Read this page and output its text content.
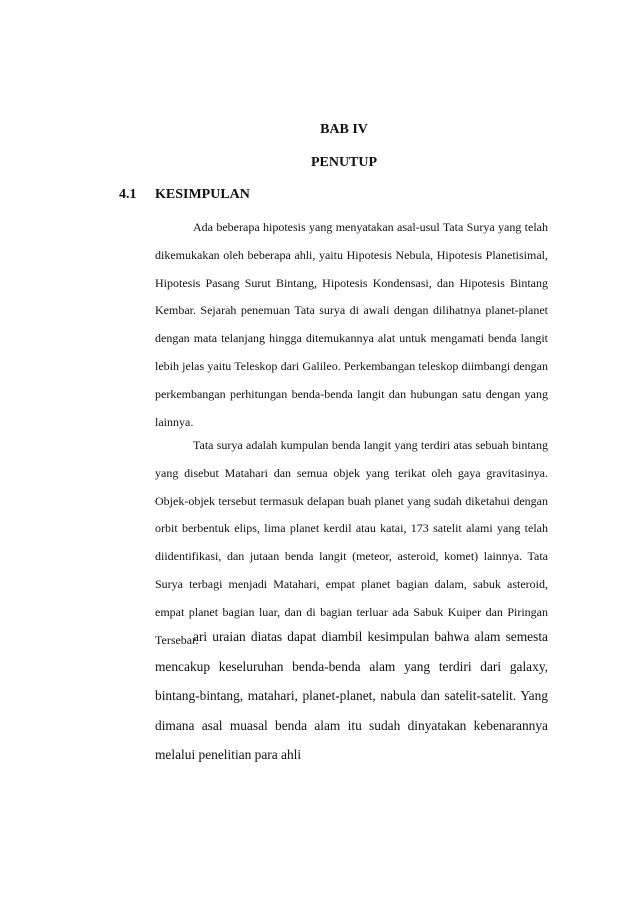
BAB IV
PENUTUP
4.1 KESIMPULAN

Ada beberapa hipotesis yang menyatakan asal-usul Tata Surya yang telah dikemukakan oleh beberapa ahli, yaitu Hipotesis Nebula, Hipotesis Planetisimal, Hipotesis Pasang Surut Bintang, Hipotesis Kondensasi, dan Hipotesis Bintang Kembar. Sejarah penemuan Tata surya di awali dengan dilihatnya planet-planet dengan mata telanjang hingga ditemukannya alat untuk mengamati benda langit lebih jelas yaitu Teleskop dari Galileo. Perkembangan teleskop diimbangi dengan perkembangan perhitungan benda-benda langit dan hubungan satu dengan yang lainnya.

Tata surya adalah kumpulan benda langit yang terdiri atas sebuah bintang yang disebut Matahari dan semua objek yang terikat oleh gaya gravitasinya. Objek-objek tersebut termasuk delapan buah planet yang sudah diketahui dengan orbit berbentuk elips, lima planet kerdil atau katai, 173 satelit alami yang telah diidentifikasi, dan jutaan benda langit (meteor, asteroid, komet) lainnya. Tata Surya terbagi menjadi Matahari, empat planet bagian dalam, sabuk asteroid, empat planet bagian luar, dan di bagian terluar ada Sabuk Kuiper dan Piringan Tersebar.

ari uraian diatas dapat diambil kesimpulan bahwa alam semesta mencakup keseluruhan benda-benda alam yang terdiri dari galaxy, bintang-bintang, matahari, planet-planet, nabula dan satelit-satelit. Yang dimana asal muasal benda alam itu sudah dinyatakan kebenarannya melalui penelitian para ahli
